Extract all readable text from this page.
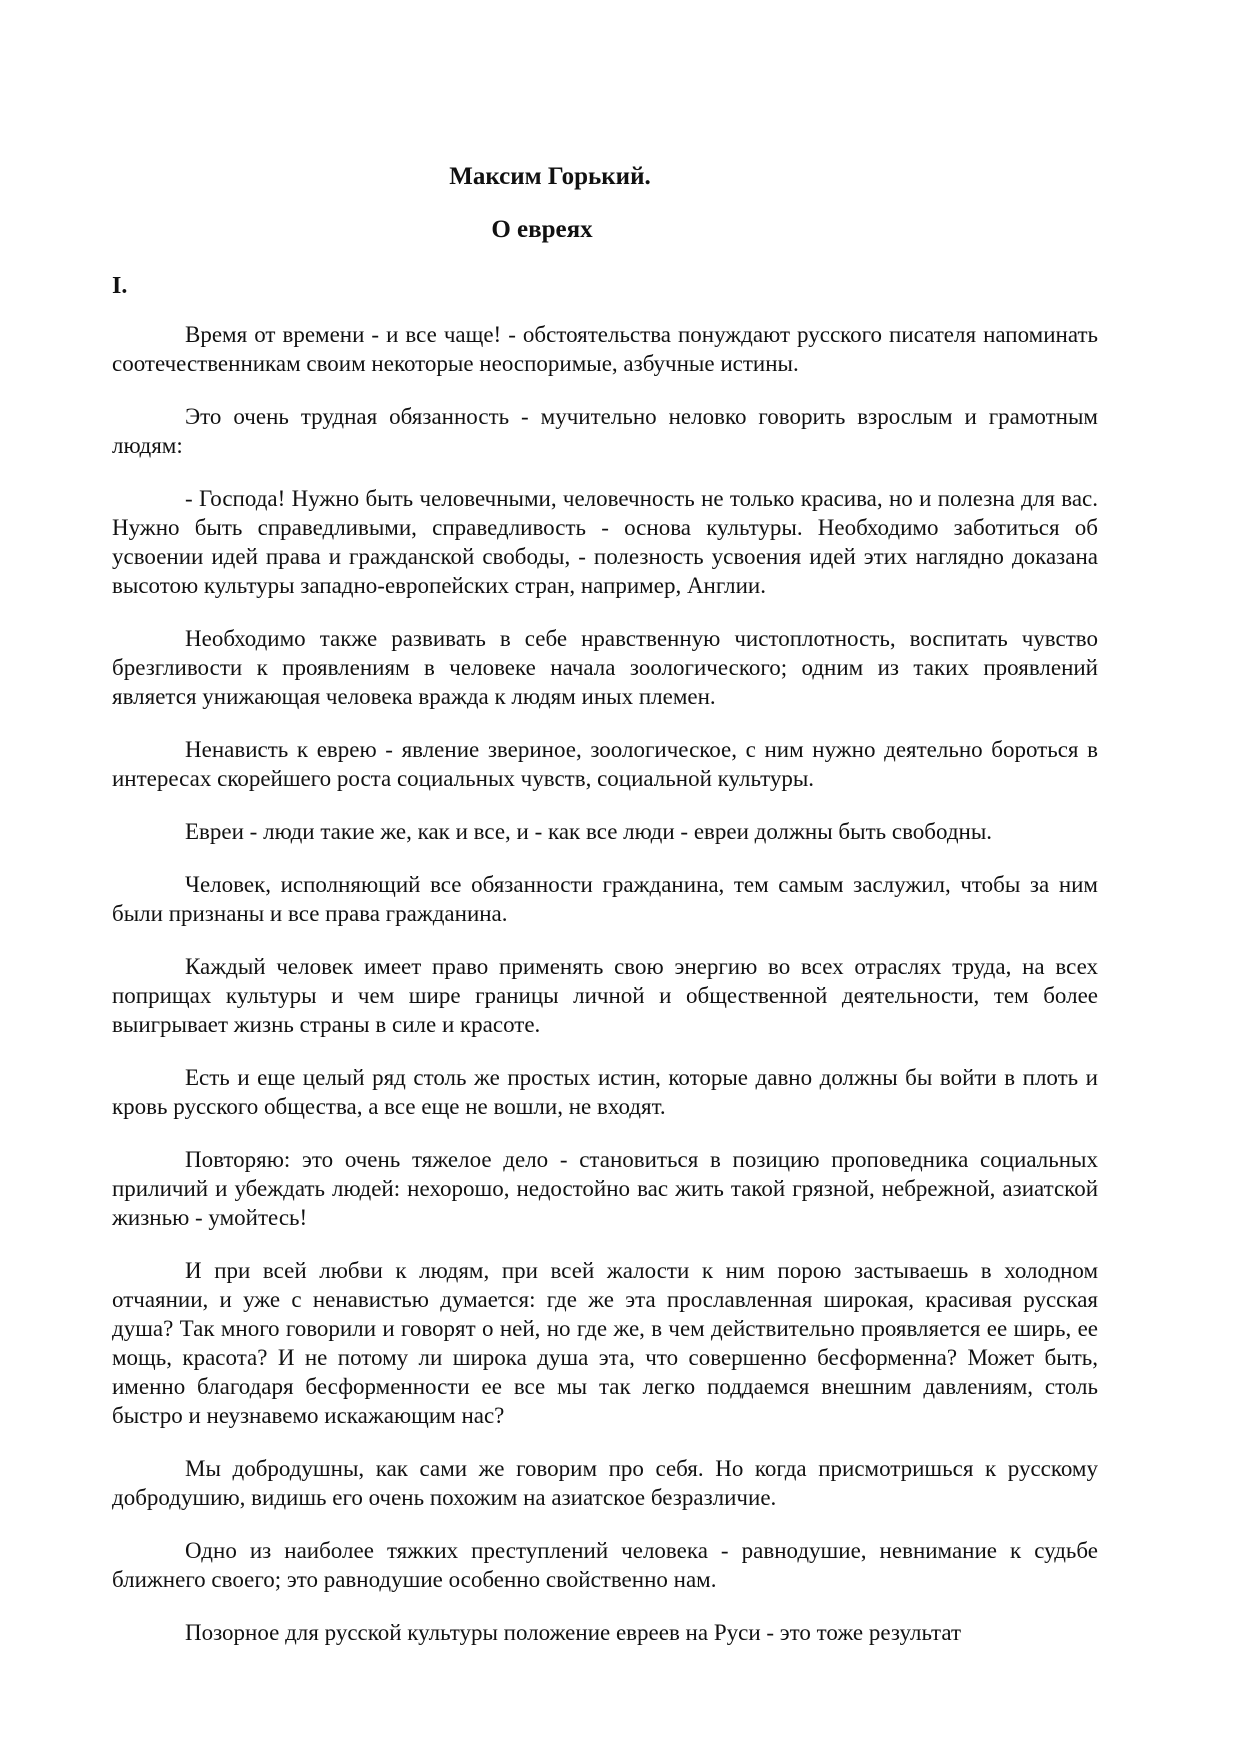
Максим Горький.
О евреях
I.

Время от времени - и все чаще! - обстоятельства понуждают русского писателя напоминать соотечественникам своим некоторые неоспоримые, азбучные истины.

Это очень трудная обязанность - мучительно неловко говорить взрослым и грамотным людям:

- Господа! Нужно быть человечными, человечность не только красива, но и полезна для вас. Нужно быть справедливыми, справедливость - основа культуры. Необходимо заботиться об усвоении идей права и гражданской свободы, - полезность усвоения идей этих наглядно доказана высотою культуры западно-европейских стран, например, Англии.

Необходимо также развивать в себе нравственную чистоплотность, воспитать чувство брезгливости к проявлениям в человеке начала зоологического; одним из таких проявлений является унижающая человека вражда к людям иных племен.

Ненависть к еврею - явление звериное, зоологическое, с ним нужно деятельно бороться в интересах скорейшего роста социальных чувств, социальной культуры.

Евреи - люди такие же, как и все, и - как все люди - евреи должны быть свободны.

Человек, исполняющий все обязанности гражданина, тем самым заслужил, чтобы за ним были признаны и все права гражданина.

Каждый человек имеет право применять свою энергию во всех отраслях труда, на всех поприщах культуры и чем шире границы личной и общественной деятельности, тем более выигрывает жизнь страны в силе и красоте.

Есть и еще целый ряд столь же простых истин, которые давно должны бы войти в плоть и кровь русского общества, а все еще не вошли, не входят.

Повторяю: это очень тяжелое дело - становиться в позицию проповедника социальных приличий и убеждать людей: нехорошо, недостойно вас жить такой грязной, небрежной, азиатской жизнью - умойтесь!

И при всей любви к людям, при всей жалости к ним порою застываешь в холодном отчаянии, и уже с ненавистью думается: где же эта прославленная широкая, красивая русская душа? Так много говорили и говорят о ней, но где же, в чем действительно проявляется ее ширь, ее мощь, красота? И не потому ли широка душа эта, что совершенно бесформенна? Может быть, именно благодаря бесформенности ее все мы так легко поддаемся внешним давлениям, столь быстро и неузнавемо искажающим нас?

Мы добродушны, как сами же говорим про себя. Но когда присмотришься к русскому добродушию, видишь его очень похожим на азиатское безразличие.

Одно из наиболее тяжких преступлений человека - равнодушие, невнимание к судьбе ближнего своего; это равнодушие особенно свойственно нам.

Позорное для русской культуры положение евреев на Руси - это тоже результат
